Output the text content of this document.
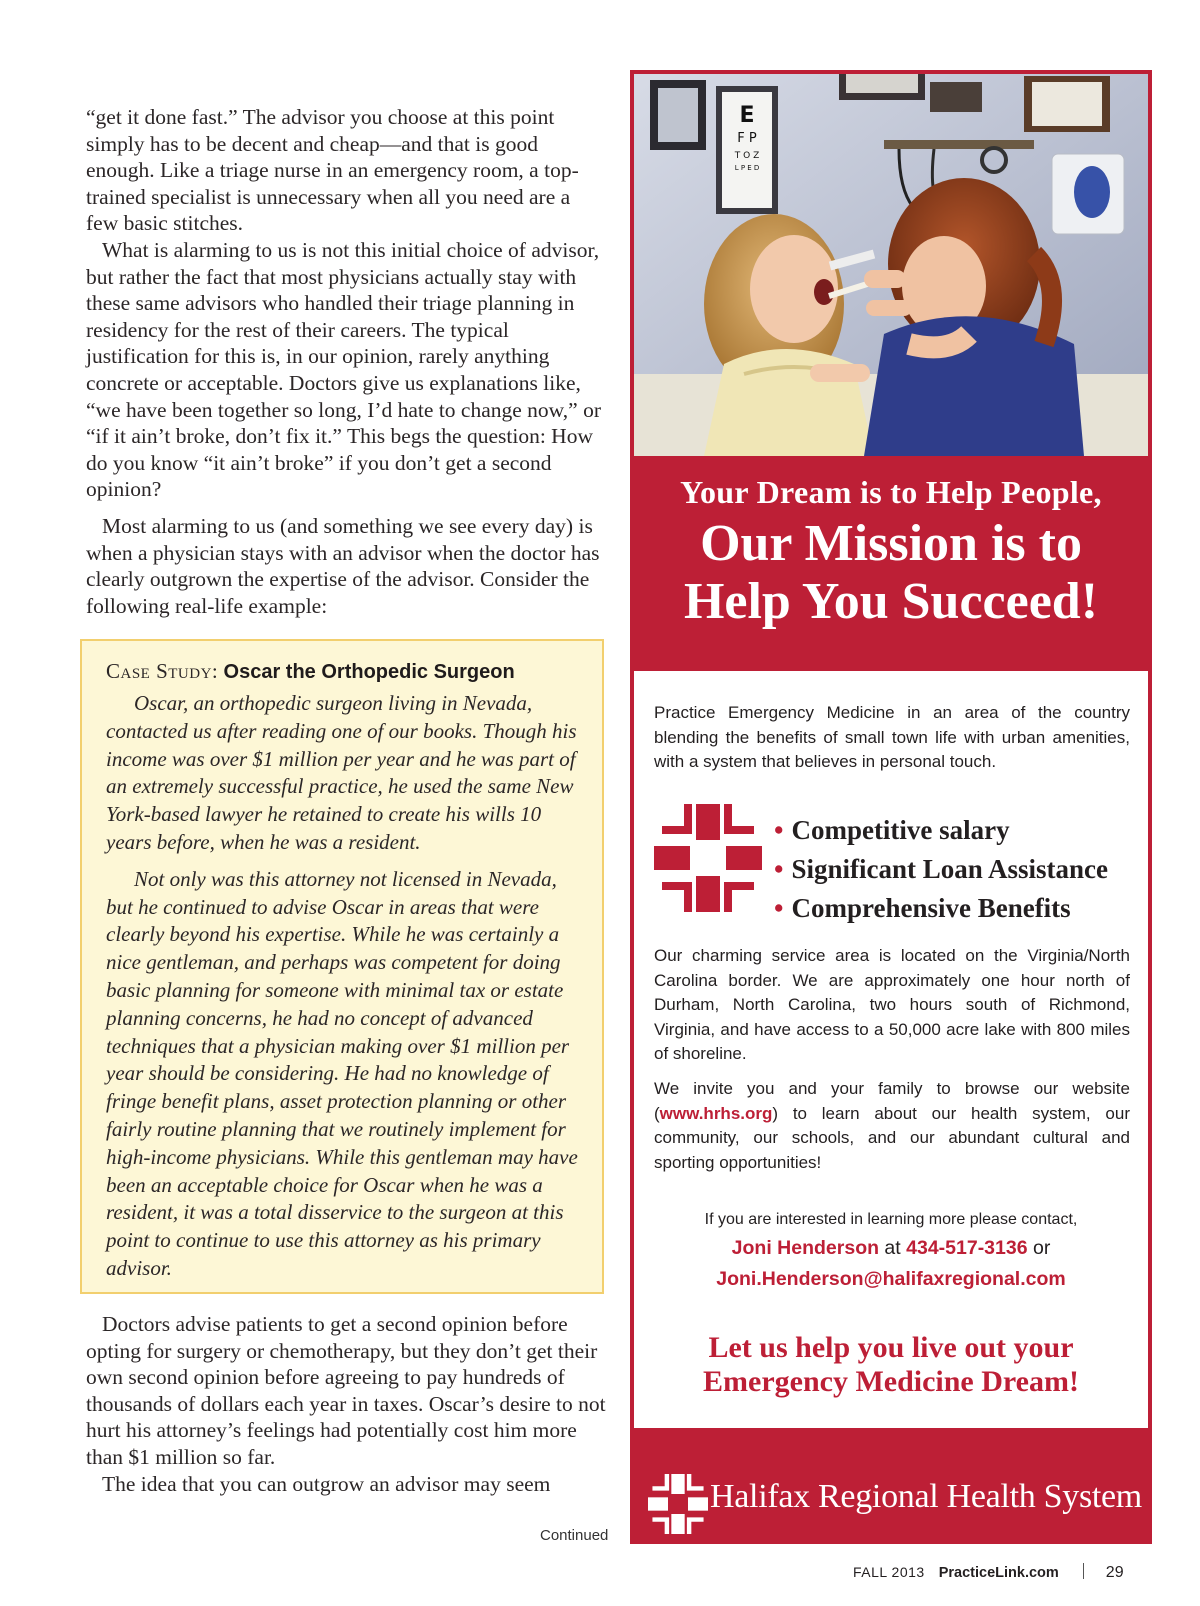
“get it done fast.” The advisor you choose at this point simply has to be decent and cheap—and that is good enough. Like a triage nurse in an emergency room, a top-trained specialist is unnecessary when all you need are a few basic stitches.

What is alarming to us is not this initial choice of advisor, but rather the fact that most physicians actually stay with these same advisors who handled their triage planning in residency for the rest of their careers. The typical justification for this is, in our opinion, rarely anything concrete or acceptable. Doctors give us explanations like, “we have been together so long, I’d hate to change now,” or “if it ain’t broke, don’t fix it.” This begs the question: How do you know “it ain’t broke” if you don’t get a second opinion?

Most alarming to us (and something we see every day) is when a physician stays with an advisor when the doctor has clearly outgrown the expertise of the advisor. Consider the following real-life example:

Case Study: Oscar the Orthopedic Surgeon

Oscar, an orthopedic surgeon living in Nevada, contacted us after reading one of our books. Though his income was over $1 million per year and he was part of an extremely successful practice, he used the same New York-based lawyer he retained to create his wills 10 years before, when he was a resident.

Not only was this attorney not licensed in Nevada, but he continued to advise Oscar in areas that were clearly beyond his expertise. While he was certainly a nice gentleman, and perhaps was competent for doing basic planning for someone with minimal tax or estate planning concerns, he had no concept of advanced techniques that a physician making over $1 million per year should be considering. He had no knowledge of fringe benefit plans, asset protection planning or other fairly routine planning that we routinely implement for high-income physicians. While this gentleman may have been an acceptable choice for Oscar when he was a resident, it was a total disservice to the surgeon at this point to continue to use this attorney as his primary advisor.

Doctors advise patients to get a second opinion before opting for surgery or chemotherapy, but they don’t get their own second opinion before agreeing to pay hundreds of thousands of dollars each year in taxes. Oscar’s desire to not hurt his attorney’s feelings had potentially cost him more than $1 million so far.

The idea that you can outgrow an advisor may seem

Continued
E
F P
T O Z
L P E D
Your Dream is to Help People,
Our Mission is to
Help You Succeed!
Practice Emergency Medicine in an area of the country blending the benefits of small town life with urban amenities, with a system that believes in personal touch.
• Competitive salary
• Significant Loan Assistance
• Comprehensive Benefits
Our charming service area is located on the Virginia/North Carolina border. We are approximately one hour north of Durham, North Carolina, two hours south of Richmond, Virginia, and have access to a 50,000 acre lake with 800 miles of shoreline.
We invite you and your family to browse our website (www.hrhs.org) to learn about our health system, our community, our schools, and our abundant cultural and sporting opportunities!
If you are interested in learning more please contact,
Joni Henderson at 434-517-3136 or
Joni.Henderson@halifaxregional.com
Let us help you live out your
Emergency Medicine Dream!
Halifax Regional Health System
FALL 2013 PracticeLink.com	29
